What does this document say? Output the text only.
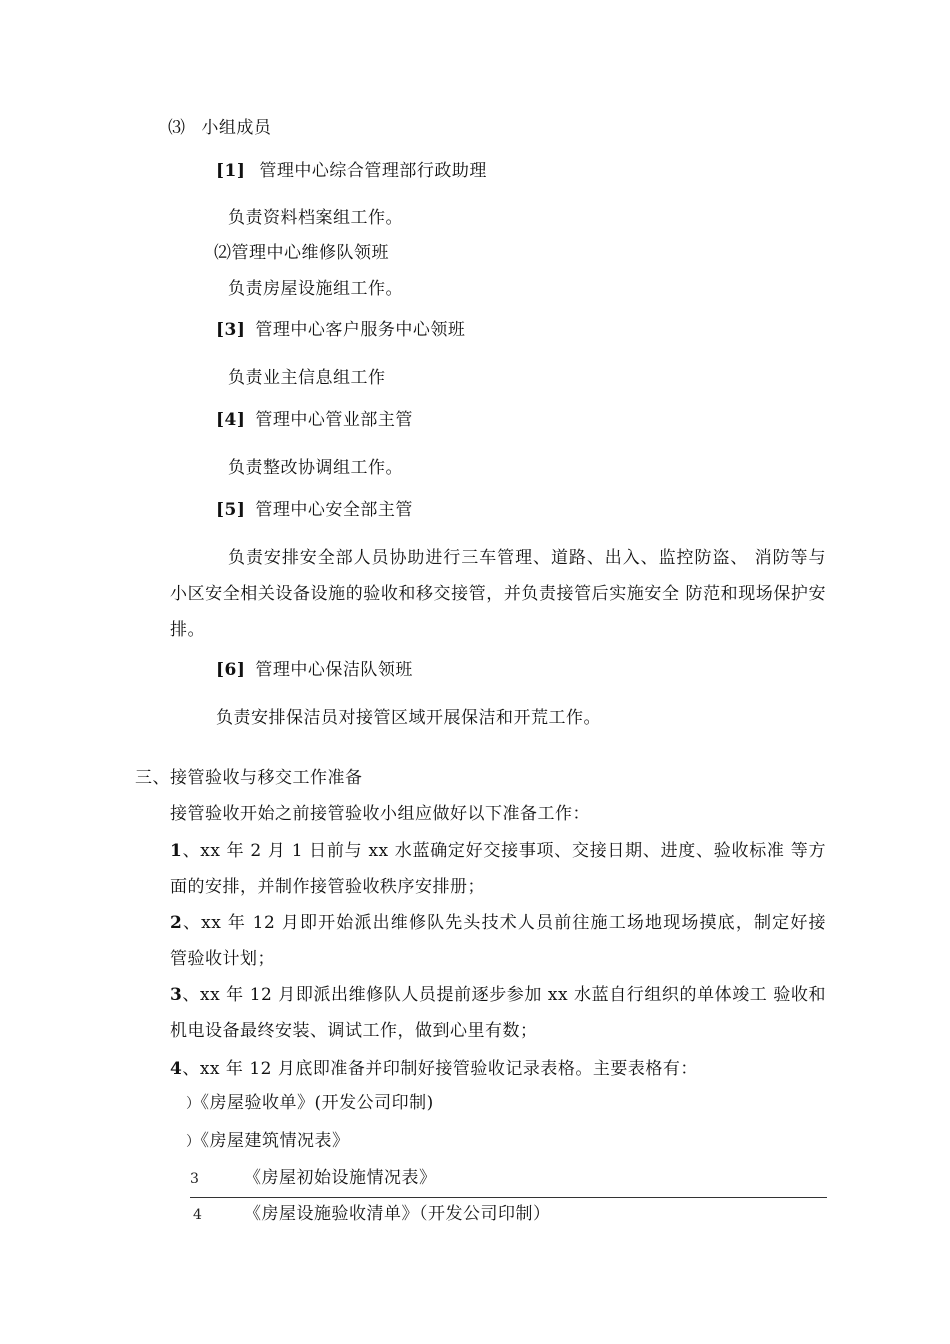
⑶ 小组成员
[1] 管理中心综合管理部行政助理
负责资料档案组工作。
⑵管理中心维修队领班
负责房屋设施组工作。
[3] 管理中心客户服务中心领班
负责业主信息组工作
[4] 管理中心管业部主管
负责整改协调组工作。
[5] 管理中心安全部主管
负责安排安全部人员协助进行三车管理、道路、出入、监控防盗、 消防等与小区安全相关设备设施的验收和移交接管，并负责接管后实施安全 防范和现场保护安排。
[6] 管理中心保洁队领班
负责安排保洁员对接管区域开展保洁和开荒工作。
三、接管验收与移交工作准备
接管验收开始之前接管验收小组应做好以下准备工作：
1、xx 年 2 月 1 日前与 xx 水蓝确定好交接事项、交接日期、进度、验收标准 等方面的安排，并制作接管验收秩序安排册；
2、xx 年 12 月即开始派出维修队先头技术人员前往施工场地现场摸底，制定好接 管验收计划；
3、xx 年 12 月即派出维修队人员提前逐步参加 xx 水蓝自行组织的单体竣工 验收和机电设备最终安装、调试工作，做到心里有数；
4、xx 年 12 月底即准备并印制好接管验收记录表格。主要表格有：
）《房屋验收单》(开发公司印制)
）《房屋建筑情况表》
3	《房屋初始设施情况表》
4 《房屋设施验收清单》（开发公司印制）
